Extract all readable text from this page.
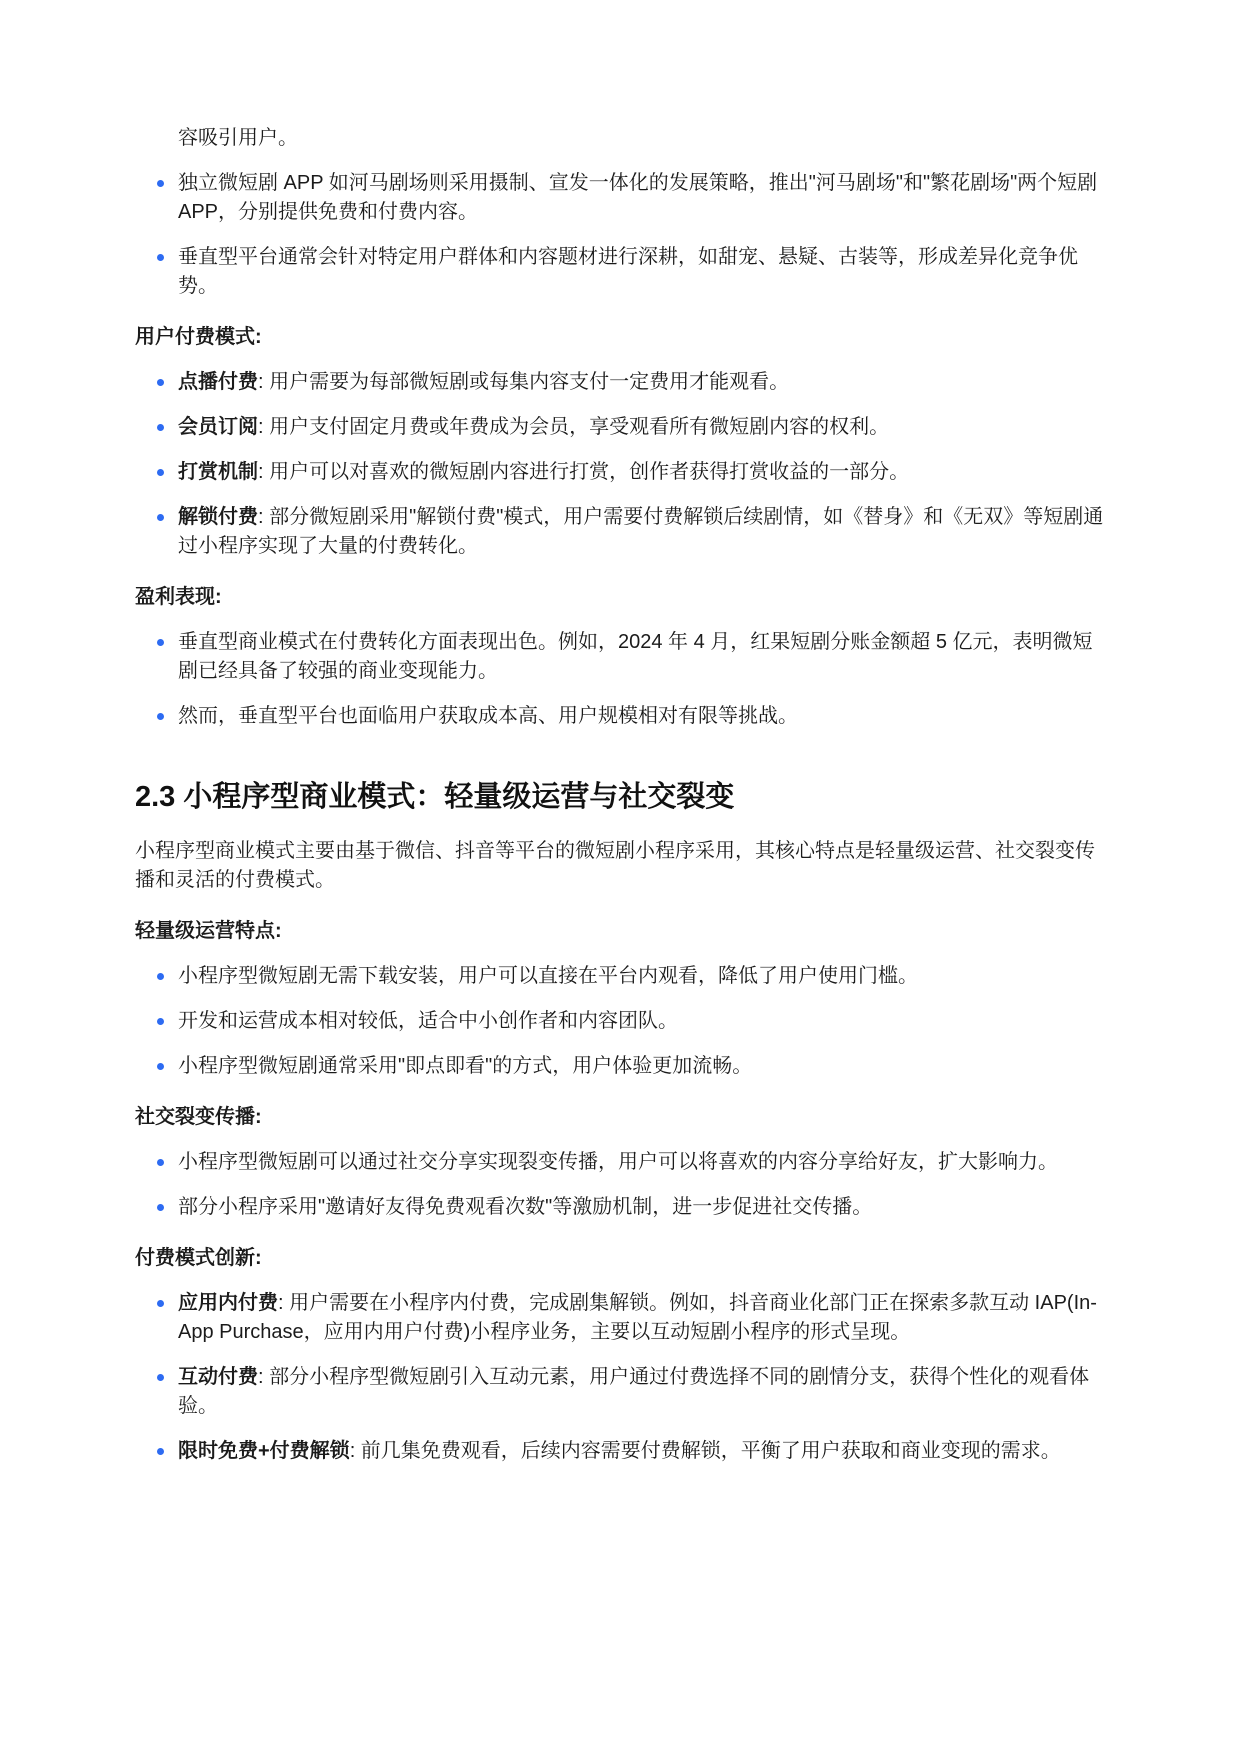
容吸引用户。

独立微短剧 APP 如河马剧场则采用摄制、宣发一体化的发展策略，推出"河马剧场"和"繁花剧场"两个短剧 APP，分别提供免费和付费内容。
垂直型平台通常会针对特定用户群体和内容题材进行深耕，如甜宠、悬疑、古装等，形成差异化竞争优势。

用户付费模式:

点播付费: 用户需要为每部微短剧或每集内容支付一定费用才能观看。
会员订阅: 用户支付固定月费或年费成为会员，享受观看所有微短剧内容的权利。
打赏机制: 用户可以对喜欢的微短剧内容进行打赏，创作者获得打赏收益的一部分。
解锁付费: 部分微短剧采用"解锁付费"模式，用户需要付费解锁后续剧情，如《替身》和《无双》等短剧通过小程序实现了大量的付费转化。

盈利表现:

垂直型商业模式在付费转化方面表现出色。例如，2024 年 4 月，红果短剧分账金额超 5 亿元，表明微短剧已经具备了较强的商业变现能力。
然而，垂直型平台也面临用户获取成本高、用户规模相对有限等挑战。
2.3 小程序型商业模式：轻量级运营与社交裂变

小程序型商业模式主要由基于微信、抖音等平台的微短剧小程序采用，其核心特点是轻量级运营、社交裂变传播和灵活的付费模式。

轻量级运营特点:

小程序型微短剧无需下载安装，用户可以直接在平台内观看，降低了用户使用门槛。
开发和运营成本相对较低，适合中小创作者和内容团队。
小程序型微短剧通常采用"即点即看"的方式，用户体验更加流畅。

社交裂变传播:

小程序型微短剧可以通过社交分享实现裂变传播，用户可以将喜欢的内容分享给好友，扩大影响力。
部分小程序采用"邀请好友得免费观看次数"等激励机制，进一步促进社交传播。

付费模式创新:

应用内付费: 用户需要在小程序内付费，完成剧集解锁。例如，抖音商业化部门正在探索多款互动 IAP(In-App Purchase，应用内用户付费)小程序业务，主要以互动短剧小程序的形式呈现。
互动付费: 部分小程序型微短剧引入互动元素，用户通过付费选择不同的剧情分支，获得个性化的观看体验。
限时免费+付费解锁: 前几集免费观看，后续内容需要付费解锁，平衡了用户获取和商业变现的需求。
